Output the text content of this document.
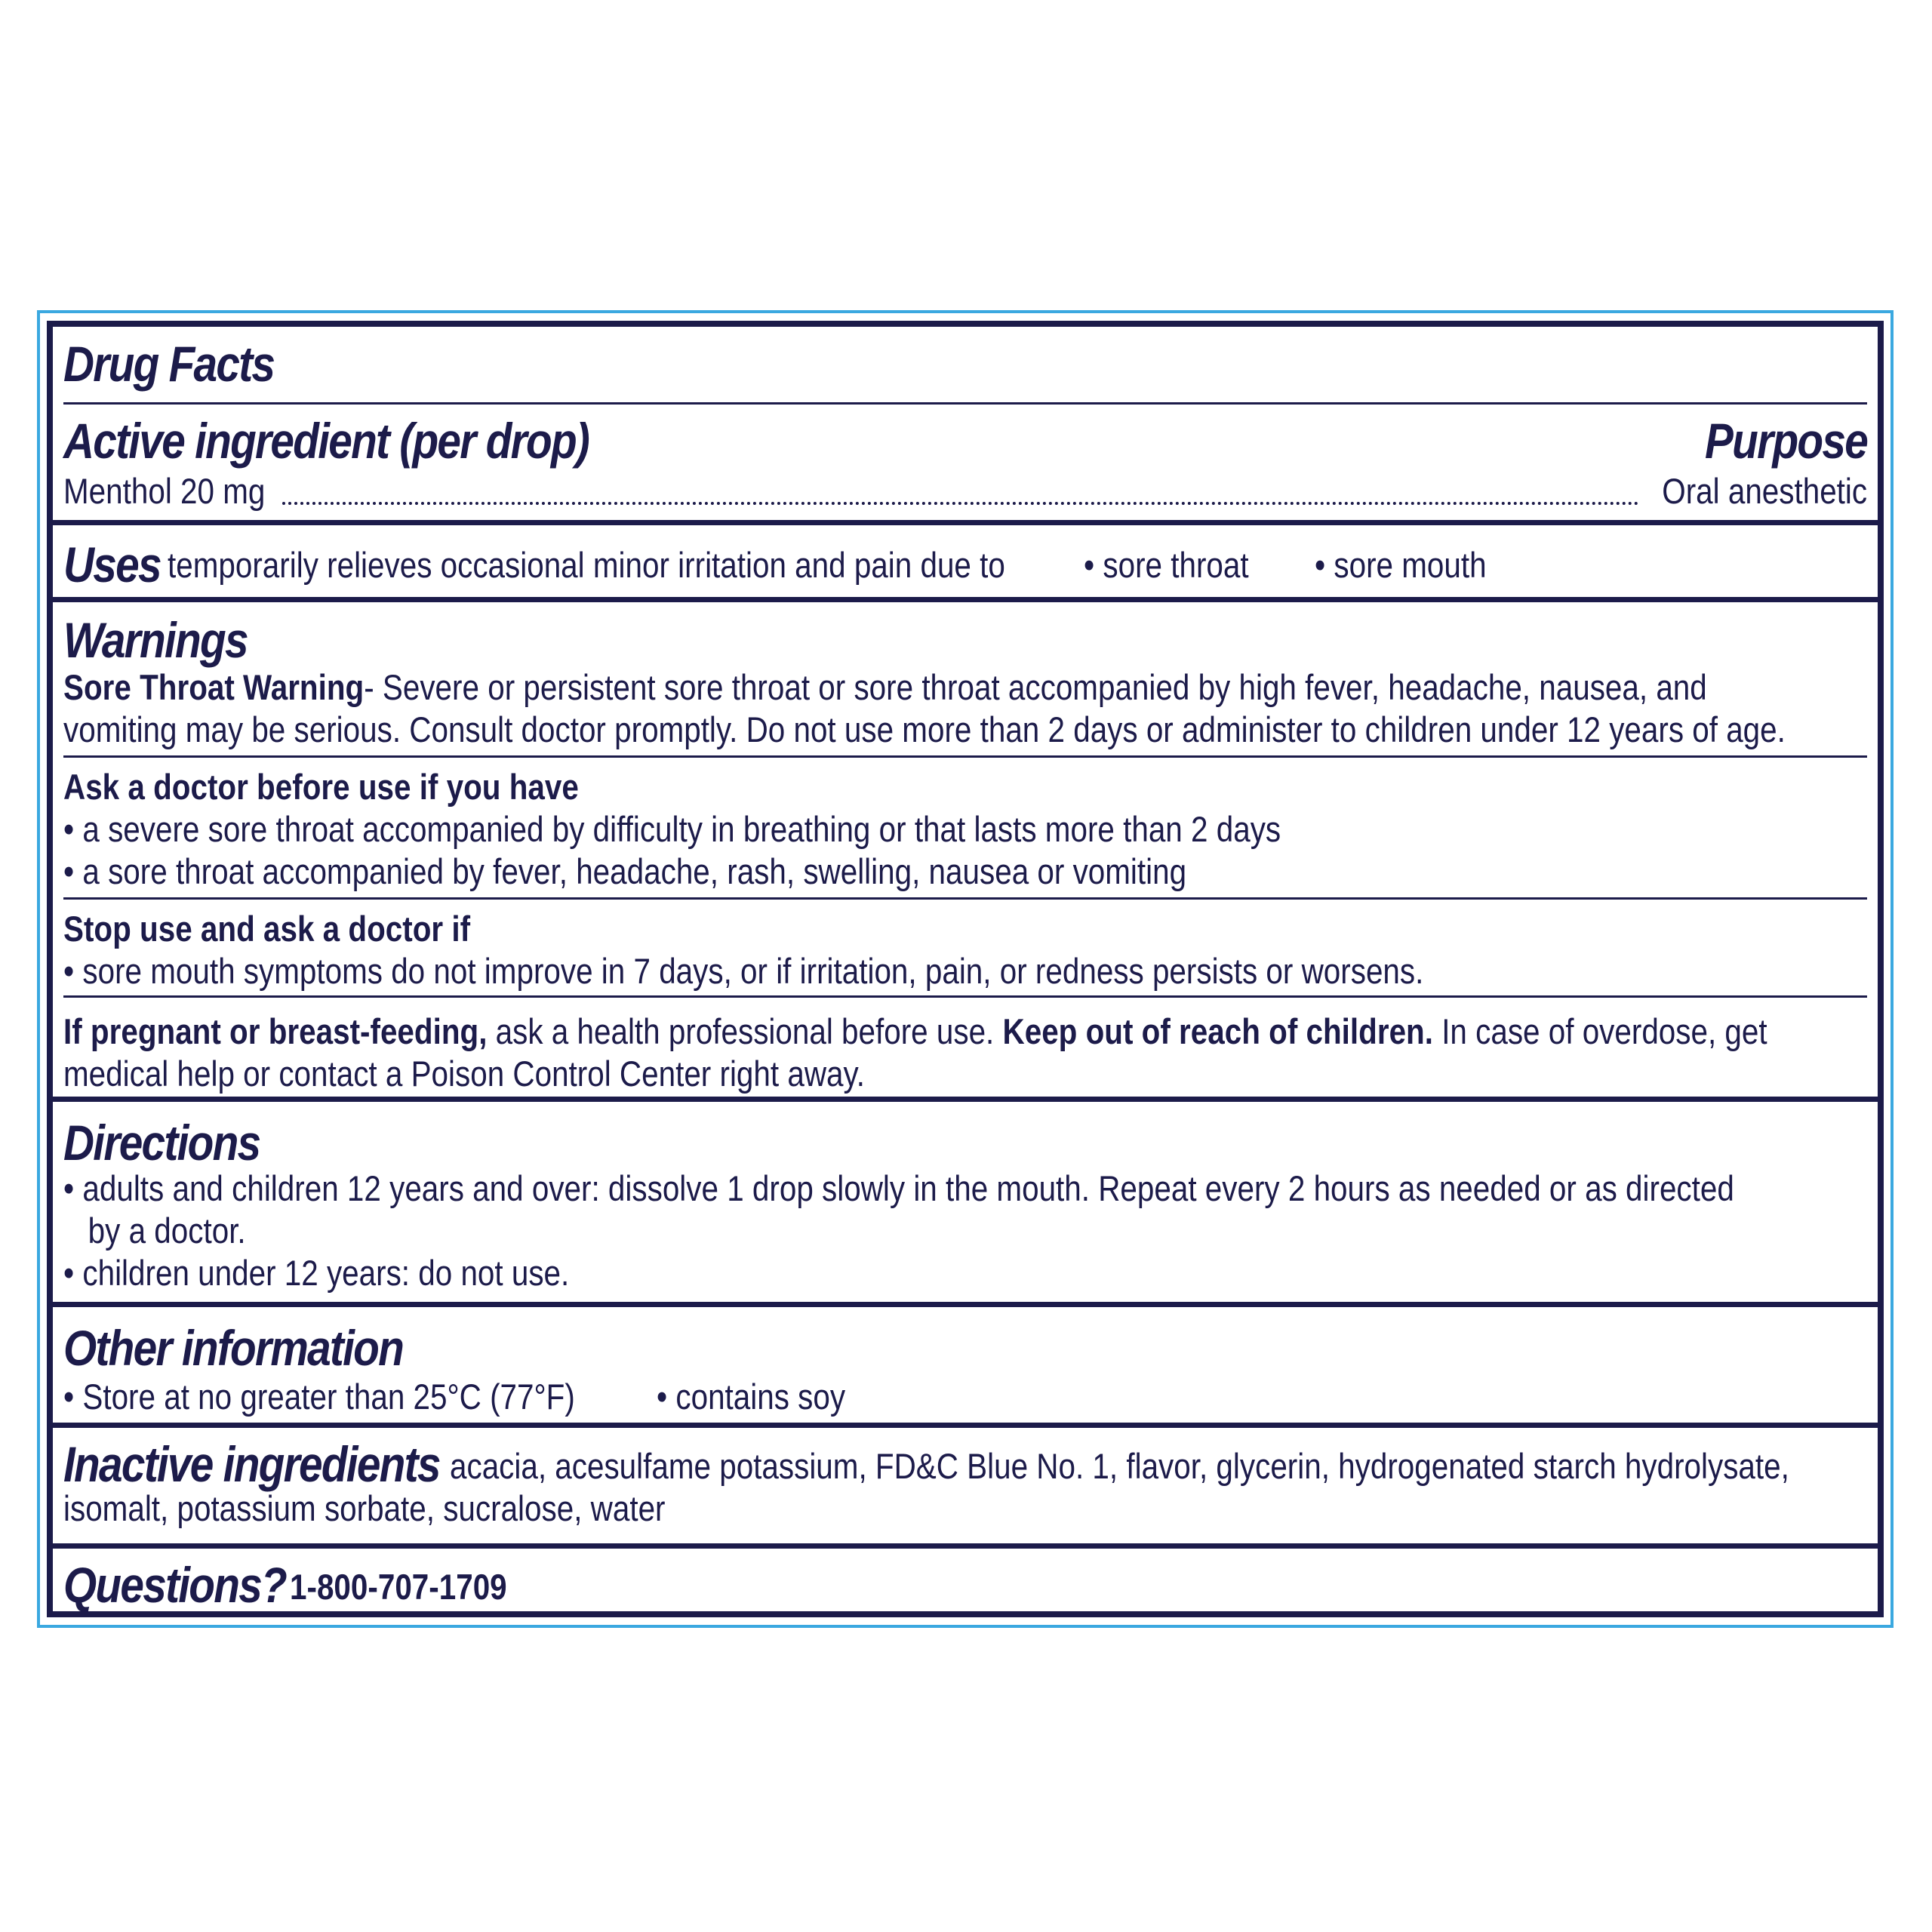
Drug Facts
Active ingredient (per drop)	Purpose
Menthol 20 mg	Oral anesthetic
Uses temporarily relieves occasional minor irritation and pain due to • sore throat • sore mouth
Warnings
Sore Throat Warning- Severe or persistent sore throat or sore throat accompanied by high fever, headache, nausea, and
vomiting may be serious. Consult doctor promptly. Do not use more than 2 days or administer to children under 12 years of age.
Ask a doctor before use if you have
• a severe sore throat accompanied by difficulty in breathing or that lasts more than 2 days
• a sore throat accompanied by fever, headache, rash, swelling, nausea or vomiting
Stop use and ask a doctor if
• sore mouth symptoms do not improve in 7 days, or if irritation, pain, or redness persists or worsens.
If pregnant or breast-feeding, ask a health professional before use. Keep out of reach of children. In case of overdose, get
medical help or contact a Poison Control Center right away.
Directions
• adults and children 12 years and over: dissolve 1 drop slowly in the mouth. Repeat every 2 hours as needed or as directed
by a doctor.
• children under 12 years: do not use.
Other information
• Store at no greater than 25°C (77°F) • contains soy
Inactive ingredients acacia, acesulfame potassium, FD&C Blue No. 1, flavor, glycerin, hydrogenated starch hydrolysate,
isomalt, potassium sorbate, sucralose, water
Questions? 1-800-707-1709
